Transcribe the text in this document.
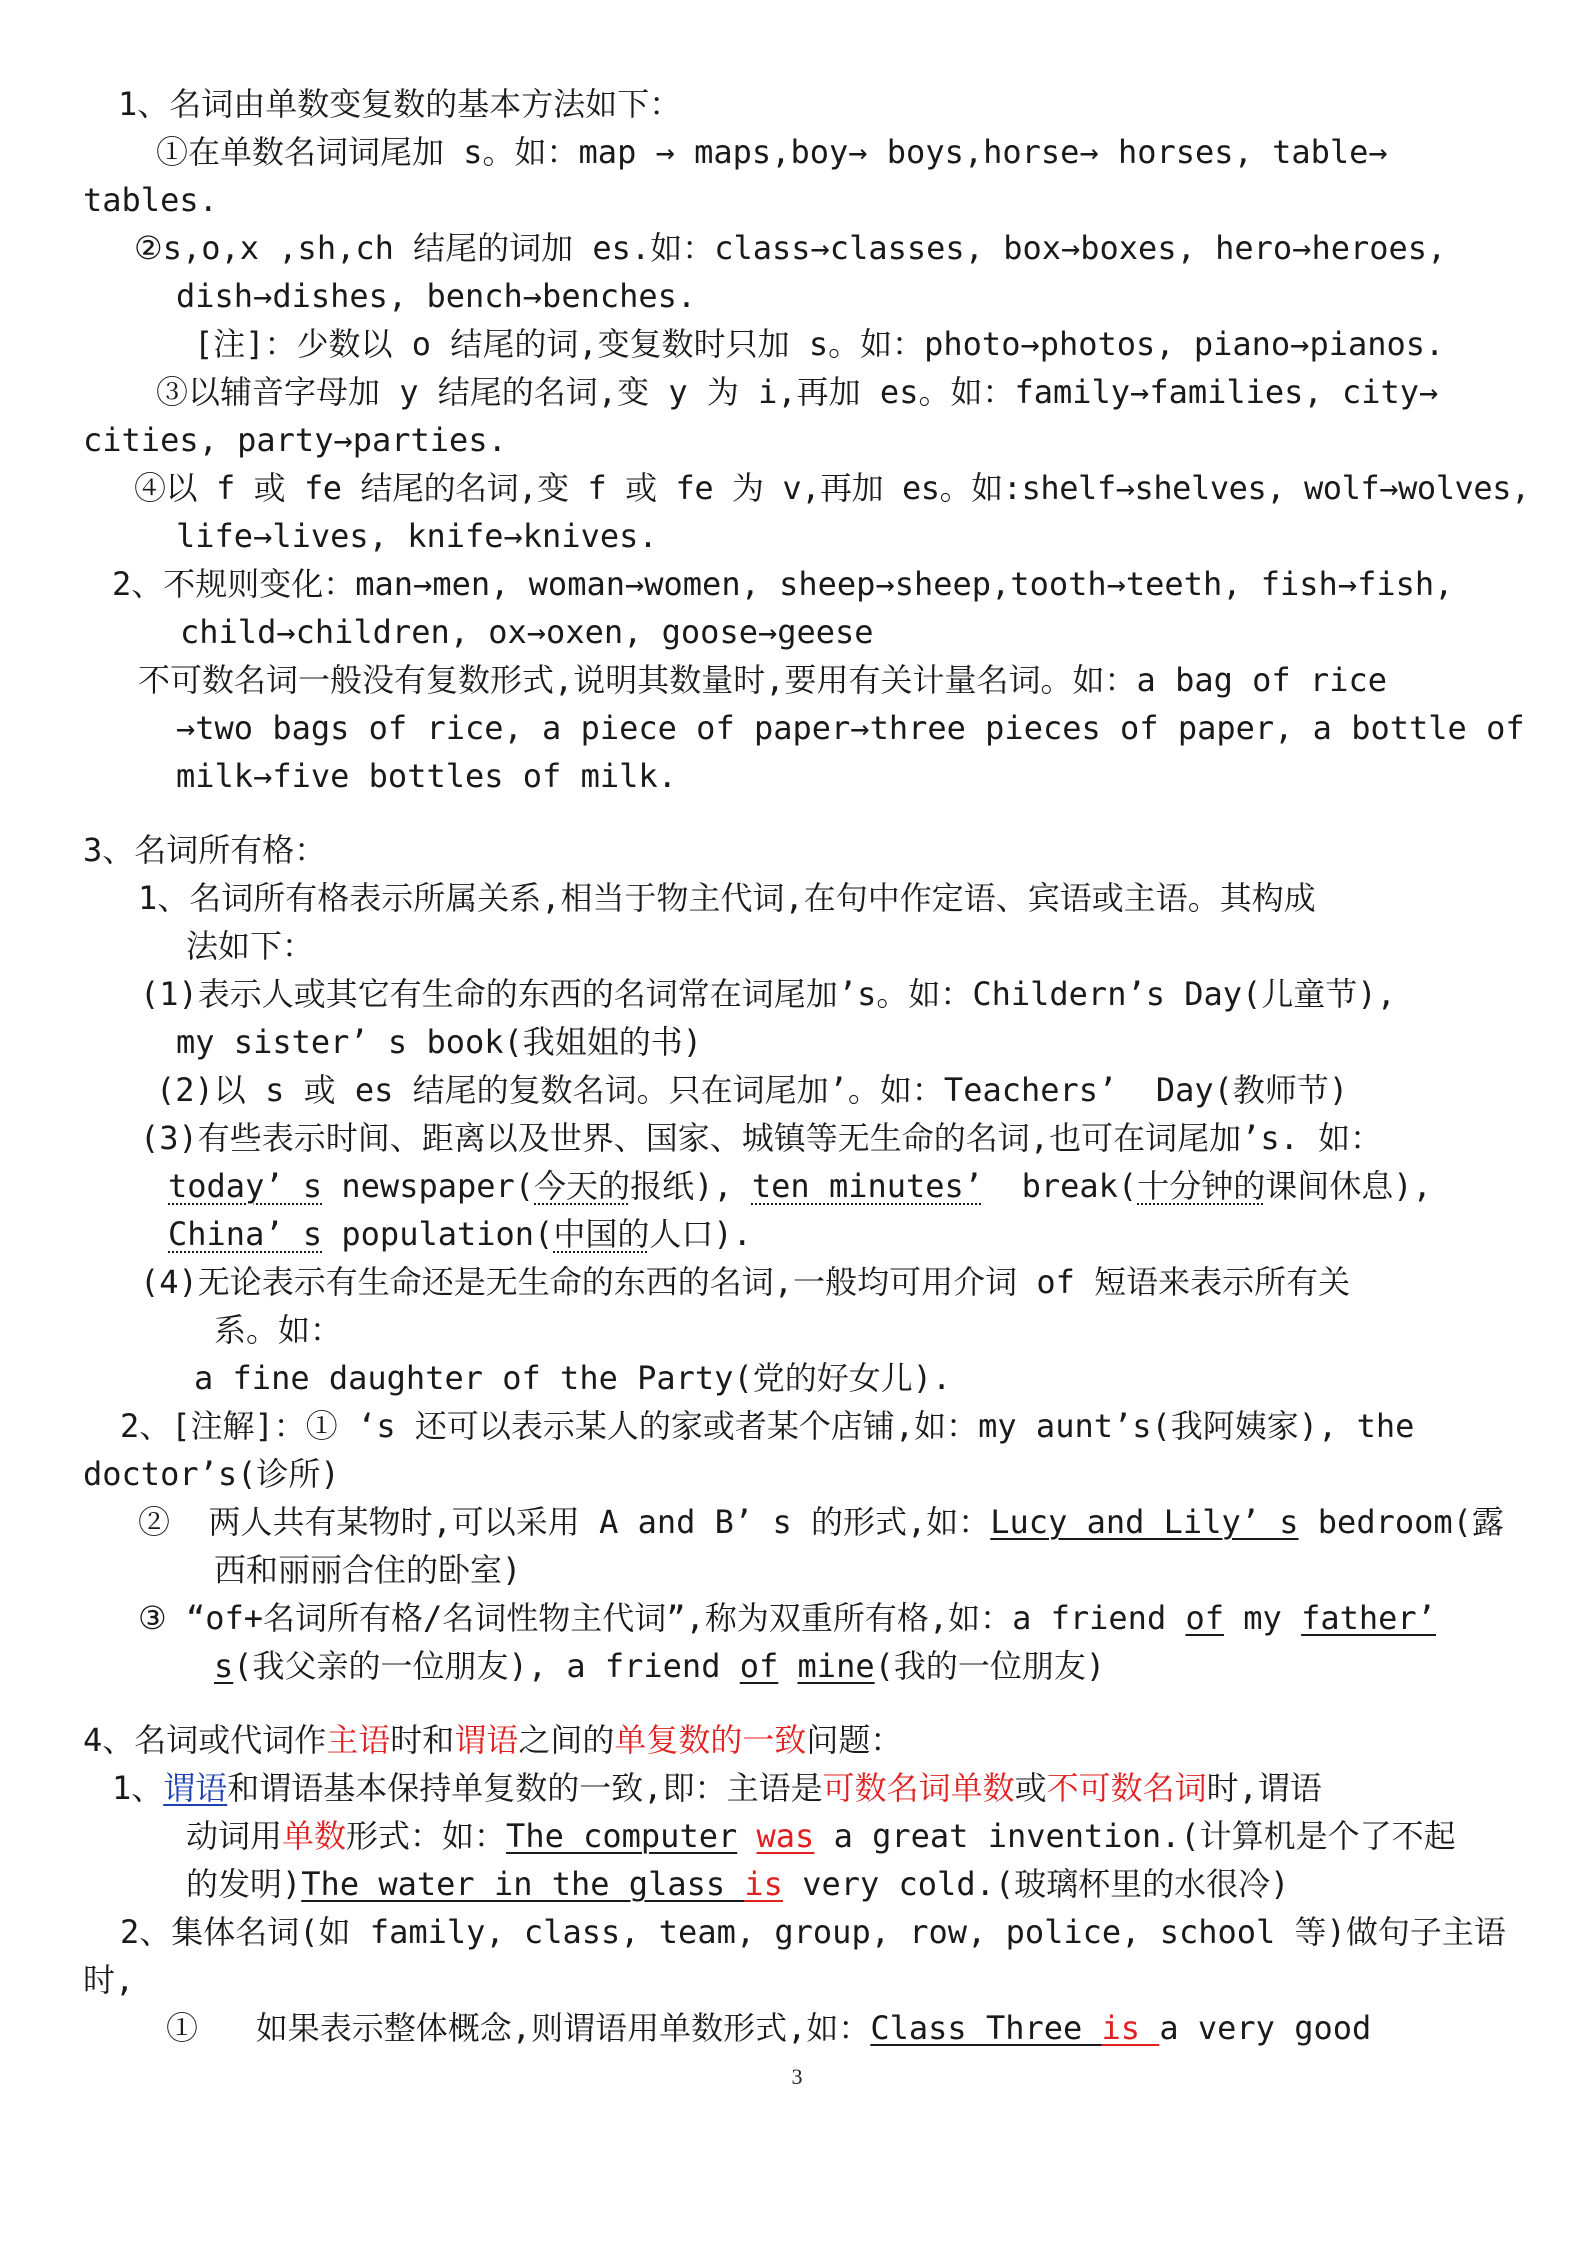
1、名词由单数变复数的基本方法如下：
①在单数名词词尾加 s。如：map → maps,boy→ boys,horse→ horses, table→
tables.
②s,o,x ,sh,ch 结尾的词加 es.如：class→classes, box→boxes, hero→heroes,
dish→dishes, bench→benches.
[注]：少数以 o 结尾的词,变复数时只加 s。如：photo→photos, piano→pianos.
③以辅音字母加 y 结尾的名词,变 y 为 i,再加 es。如：family→families, city→
cities, party→parties.
④以 f 或 fe 结尾的名词,变 f 或 fe 为 v,再加 es。如:shelf→shelves, wolf→wolves,
life→lives, knife→knives.
2、不规则变化：man→men, woman→women, sheep→sheep,tooth→teeth, fish→fish,
child→children, ox→oxen, goose→geese
不可数名词一般没有复数形式,说明其数量时,要用有关计量名词。如：a bag of rice
→two bags of rice, a piece of paper→three pieces of paper, a bottle of
milk→five bottles of milk.
3、名词所有格：
1、名词所有格表示所属关系,相当于物主代词,在句中作定语、宾语或主语。其构成
法如下：
(1)表示人或其它有生命的东西的名词常在词尾加’s。如：Childern’s Day(儿童节),
my sister’ s book(我姐姐的书)
(2)以 s 或 es 结尾的复数名词。只在词尾加’。如：Teachers’  Day(教师节)
(3)有些表示时间、距离以及世界、国家、城镇等无生命的名词,也可在词尾加’s. 如：
today’ s newspaper(今天的报纸), ten minutes’  break(十分钟的课间休息),
China’ s population(中国的人口).
(4)无论表示有生命还是无生命的东西的名词,一般均可用介词 of 短语来表示所有关
系。如：
a fine daughter of the Party(党的好女儿).
2、[注解]：① ‘s 还可以表示某人的家或者某个店铺,如：my aunt’s(我阿姨家), the
doctor’s(诊所)
②  两人共有某物时,可以采用 A and B’ s 的形式,如：Lucy and Lily’ s bedroom(露
西和丽丽合住的卧室)
③ “of+名词所有格/名词性物主代词”,称为双重所有格,如：a friend of my father’
s(我父亲的一位朋友), a friend of mine(我的一位朋友)
4、名词或代词作主语时和谓语之间的单复数的一致问题：
1、谓语和谓语基本保持单复数的一致,即：主语是可数名词单数或不可数名词时,谓语
动词用单数形式：如：The computer was a great invention.(计算机是个了不起
的发明)The water in the glass is very cold.(玻璃杯里的水很冷)
2、集体名词(如 family, class, team, group, row, police, school 等)做句子主语
时,
①   如果表示整体概念,则谓语用单数形式,如：Class Three is a very good
3
